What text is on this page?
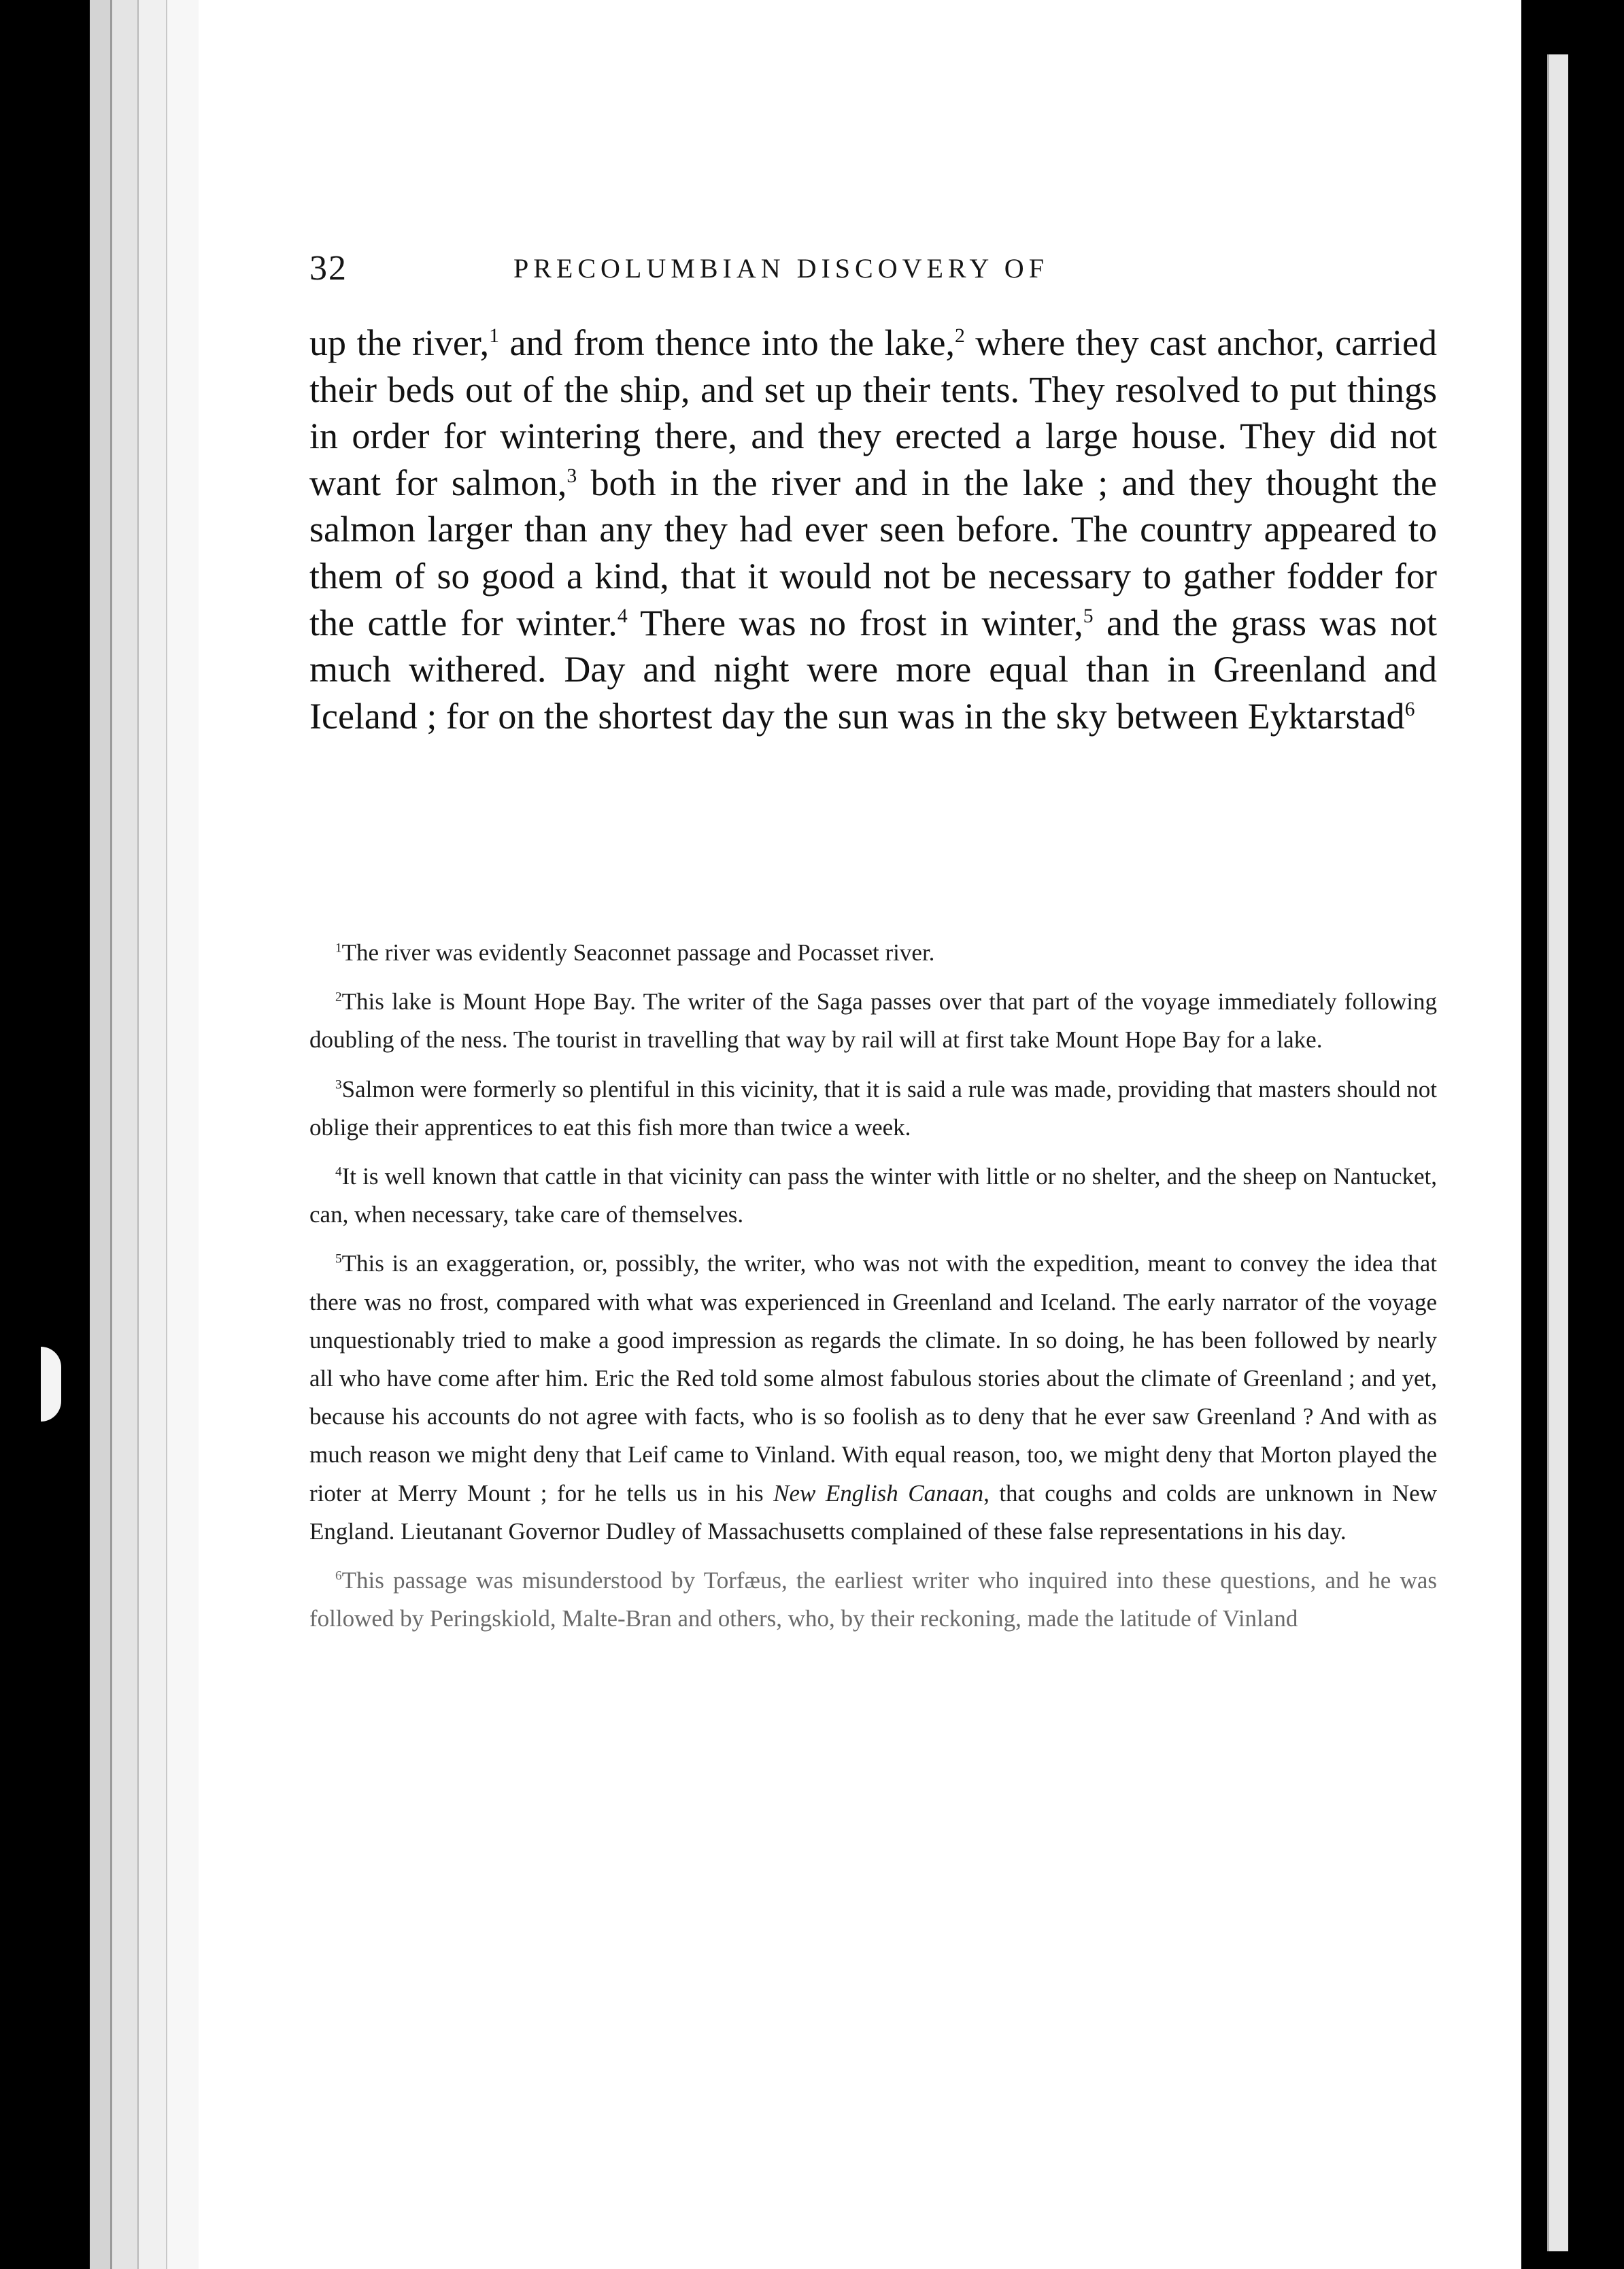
32	PRECOLUMBIAN DISCOVERY OF

up the river,$^1$ and from thence into the lake,$^2$ where they cast anchor, carried their beds out of the ship, and set up their tents. They resolved to put things in order for wintering there, and they erected a large house. They did not want for salmon,$^3$ both in the river and in the lake ; and they thought the salmon larger than any they had ever seen before. The country appeared to them of so good a kind, that it would not be necessary to gather fodder for the cattle for winter.$^4$ There was no frost in winter,$^5$ and the grass was not much withered. Day and night were more equal than in Greenland and Iceland ; for on the shortest day the sun was in the sky between Eyktarstad$^6$

$^1$The river was evidently Seaconnet passage and Pocasset river.

$^2$This lake is Mount Hope Bay. The writer of the Saga passes over that part of the voyage immediately following doubling of the ness. The tourist in travelling that way by rail will at first take Mount Hope Bay for a lake.

$^3$Salmon were formerly so plentiful in this vicinity, that it is said a rule was made, providing that masters should not oblige their apprentices to eat this fish more than twice a week.

$^4$It is well known that cattle in that vicinity can pass the winter with little or no shelter, and the sheep on Nantucket, can, when necessary, take care of themselves.

$^5$This is an exaggeration, or, possibly, the writer, who was not with the expedition, meant to convey the idea that there was no frost, compared with what was experienced in Greenland and Iceland. The early narrator of the voyage unquestionably tried to make a good impression as regards the climate. In so doing, he has been followed by nearly all who have come after him. Eric the Red told some almost fabulous stories about the climate of Greenland ; and yet, because his accounts do not agree with facts, who is so foolish as to deny that he ever saw Greenland ? And with as much reason we might deny that Leif came to Vinland. With equal reason, too, we might deny that Morton played the rioter at Merry Mount ; for he tells us in his New English Canaan, that coughs and colds are unknown in New England. Lieutanant Governor Dudley of Massachusetts complained of these false representations in his day.

$^6$This passage was misunderstood by Torfæus, the earliest writer who inquired into these questions, and he was followed by Peringskiold, Malte-Bran and others, who, by their reckoning, made the latitude of Vinland
